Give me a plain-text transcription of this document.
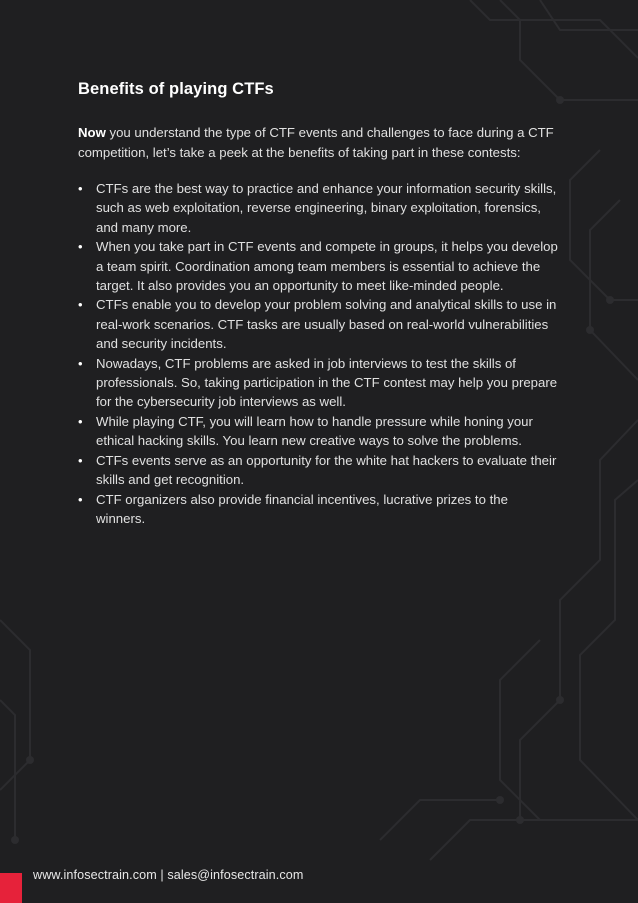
Benefits of playing CTFs

Now you understand the type of CTF events and challenges to face during a CTF competition, let’s take a peek at the benefits of taking part in these contests:

• CTFs are the best way to practice and enhance your information security skills, such as web exploitation, reverse engineering, binary exploitation, forensics, and many more.
• When you take part in CTF events and compete in groups, it helps you develop a team spirit. Coordination among team members is essential to achieve the target. It also provides you an opportunity to meet like-minded people.
• CTFs enable you to develop your problem solving and analytical skills to use in real-work scenarios. CTF tasks are usually based on real-world vulnerabilities and security incidents.
• Nowadays, CTF problems are asked in job interviews to test the skills of professionals. So, taking participation in the CTF contest may help you prepare for the cybersecurity job interviews as well.
• While playing CTF, you will learn how to handle pressure while honing your ethical hacking skills. You learn new creative ways to solve the problems.
• CTFs events serve as an opportunity for the white hat hackers to evaluate their skills and get recognition.
• CTF organizers also provide financial incentives, lucrative prizes to the winners.
www.infosectrain.com | sales@infosectrain.com
